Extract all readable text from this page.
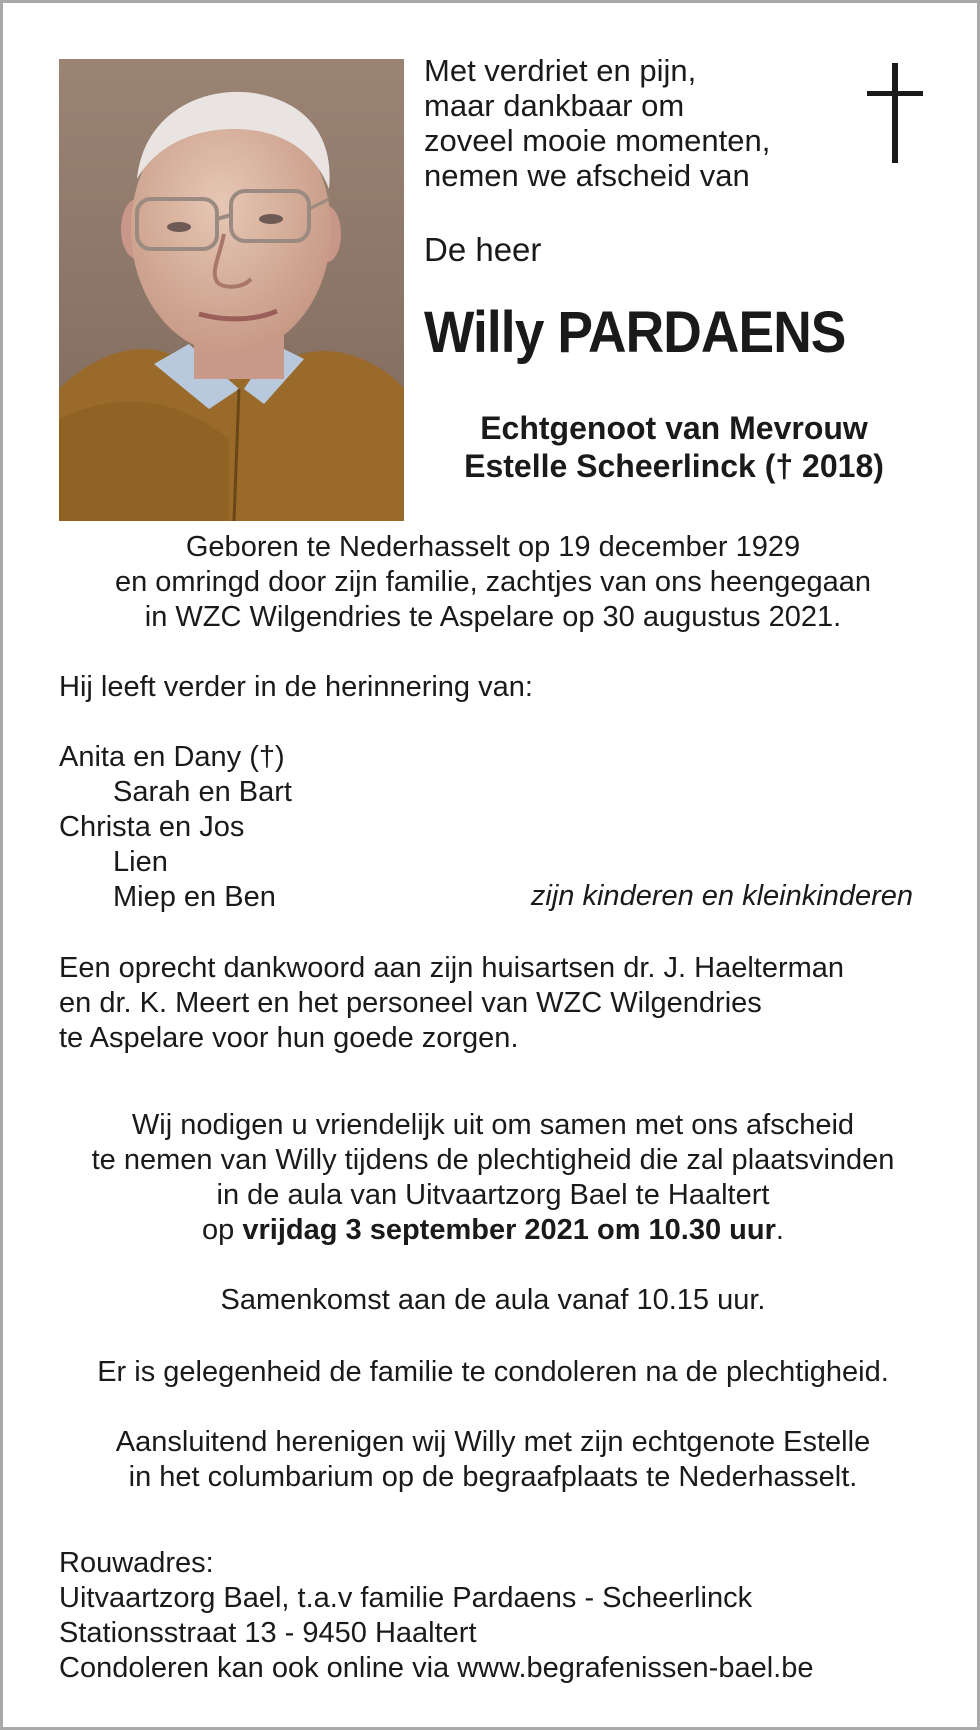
Met verdriet en pijn,
maar dankbaar om
zoveel mooie momenten,
nemen we afscheid van
De heer
Willy PARDAENS
Echtgenoot van Mevrouw
Estelle Scheerlinck († 2018)
Geboren te Nederhasselt op 19 december 1929
en omringd door zijn familie, zachtjes van ons heengegaan
in WZC Wilgendries te Aspelare op 30 augustus 2021.
Hij leeft verder in de herinnering van:
Anita en Dany (†)
Sarah en Bart
Christa en Jos
Lien
Miep en Ben	zijn kinderen en kleinkinderen
Een oprecht dankwoord aan zijn huisartsen dr. J. Haelterman
en dr. K. Meert en het personeel van WZC Wilgendries
te Aspelare voor hun goede zorgen.
Wij nodigen u vriendelijk uit om samen met ons afscheid
te nemen van Willy tijdens de plechtigheid die zal plaatsvinden
in de aula van Uitvaartzorg Bael te Haaltert
op vrijdag 3 september 2021 om 10.30 uur.
Samenkomst aan de aula vanaf 10.15 uur.
Er is gelegenheid de familie te condoleren na de plechtigheid.
Aansluitend herenigen wij Willy met zijn echtgenote Estelle
in het columbarium op de begraafplaats te Nederhasselt.
Rouwadres:
Uitvaartzorg Bael, t.a.v familie Pardaens - Scheerlinck
Stationsstraat 13 - 9450 Haaltert
Condoleren kan ook online via www.begrafenissen-bael.be
